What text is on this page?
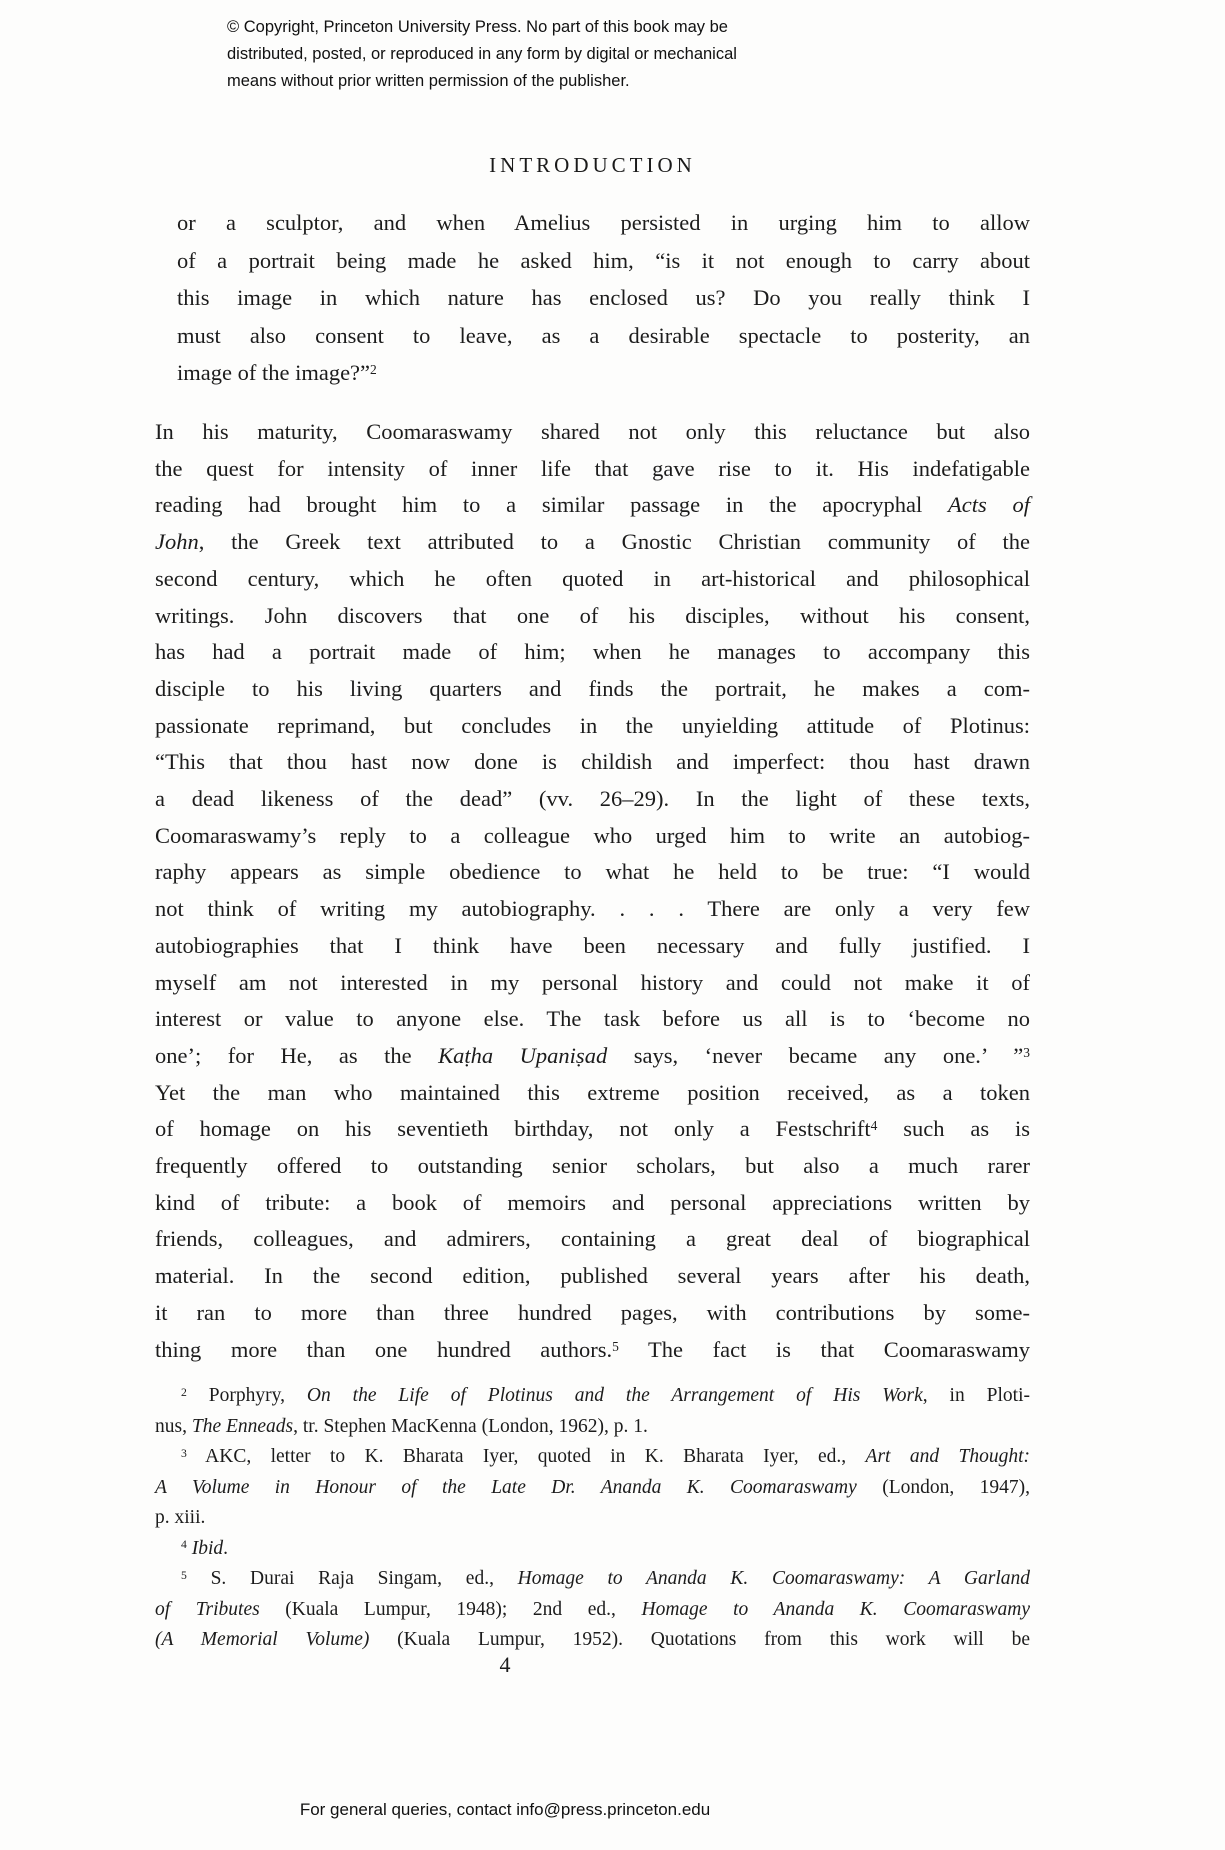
© Copyright, Princeton University Press. No part of this book may be
distributed, posted, or reproduced in any form by digital or mechanical
means without prior written permission of the publisher.
INTRODUCTION
or a sculptor, and when Amelius persisted in urging him to allow
of a portrait being made he asked him, “is it not enough to carry about
this image in which nature has enclosed us? Do you really think I
must also consent to leave, as a desirable spectacle to posterity, an
image of the image?”$^2$
In his maturity, Coomaraswamy shared not only this reluctance but also
the quest for intensity of inner life that gave rise to it. His indefatigable
reading had brought him to a similar passage in the apocryphal Acts of
John, the Greek text attributed to a Gnostic Christian community of the
second century, which he often quoted in art-historical and philosophical
writings. John discovers that one of his disciples, without his consent,
has had a portrait made of him; when he manages to accompany this
disciple to his living quarters and finds the portrait, he makes a com-
passionate reprimand, but concludes in the unyielding attitude of Plotinus:
“This that thou hast now done is childish and imperfect: thou hast drawn
a dead likeness of the dead” (vv. 26–29). In the light of these texts,
Coomaraswamy’s reply to a colleague who urged him to write an autobiog-
raphy appears as simple obedience to what he held to be true: “I would
not think of writing my autobiography. . . . There are only a very few
autobiographies that I think have been necessary and fully justified. I
myself am not interested in my personal history and could not make it of
interest or value to anyone else. The task before us all is to ‘become no
one’; for He, as the Kaṭha Upaniṣad says, ‘never became any one.’ ”$^3$
Yet the man who maintained this extreme position received, as a token
of homage on his seventieth birthday, not only a Festschrift$^4$ such as is
frequently offered to outstanding senior scholars, but also a much rarer
kind of tribute: a book of memoirs and personal appreciations written by
friends, colleagues, and admirers, containing a great deal of biographical
material. In the second edition, published several years after his death,
it ran to more than three hundred pages, with contributions by some-
thing more than one hundred authors.$^5$ The fact is that Coomaraswamy
$^2$ Porphyry, On the Life of Plotinus and the Arrangement of His Work, in Ploti-
nus, The Enneads, tr. Stephen MacKenna (London, 1962), p. 1.
$^3$ AKC, letter to K. Bharata Iyer, quoted in K. Bharata Iyer, ed., Art and Thought:
A Volume in Honour of the Late Dr. Ananda K. Coomaraswamy (London, 1947),
p. xiii.
$^4$ Ibid.
$^5$ S. Durai Raja Singam, ed., Homage to Ananda K. Coomaraswamy: A Garland
of Tributes (Kuala Lumpur, 1948); 2nd ed., Homage to Ananda K. Coomaraswamy
(A Memorial Volume) (Kuala Lumpur, 1952). Quotations from this work will be
4
For general queries, contact info@press.princeton.edu
